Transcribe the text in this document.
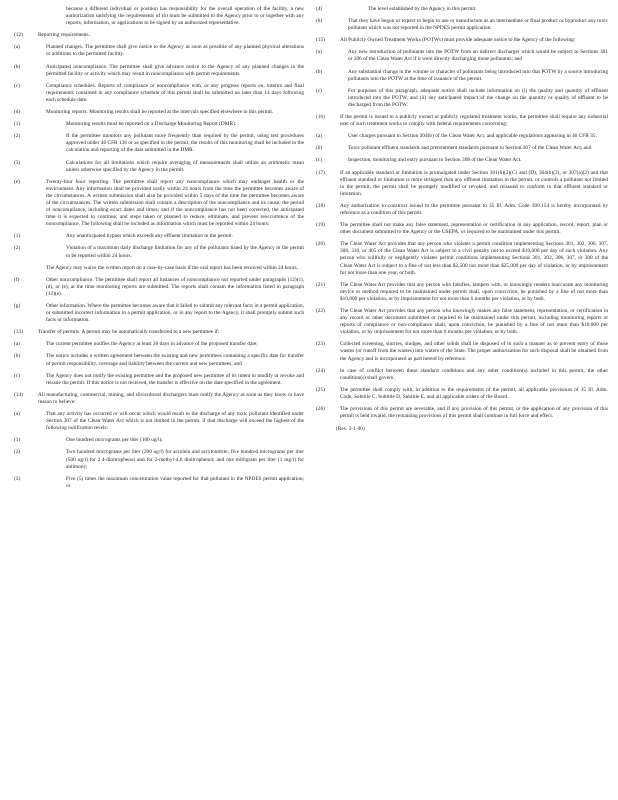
because a different individual or position has responsibility for the overall operation of the facility, a new authorization satisfying the requirements of (b) must be submitted to the Agency prior to or together with any reports, information, or applications to be signed by an authorized representative.
(12)	Reporting requirements.
(a)	Planned changes. The permittee shall give notice to the Agency as soon as possible of any planned physical alterations or additions to the permitted facility.
(b)	Anticipated noncompliance. The permittee shall give advance notice to the Agency of any planned changes in the permitted facility or activity which may result in noncompliance with permit requirements.
(c)	Compliance schedules. Reports of compliance or noncompliance with, or any progress reports on, interim and final requirements contained in any compliance schedule of this permit shall be submitted no later than 14 days following each schedule date.
(d)	Monitoring reports. Monitoring results shall be reported at the intervals specified elsewhere in this permit.
(1)	Monitoring results must be reported on a Discharge Monitoring Report (DMR).
(2)	If the permittee monitors any pollutant more frequently than required by the permit, using test procedures approved under 40 CFR 136 or as specified in the permit, the results of this monitoring shall be included in the calculation and reporting of the data submitted in the DMR.
(3)	Calculations for all limitations which require averaging of measurements shall utilize an arithmetic mean unless otherwise specified by the Agency in the permit.
(e)	Twenty-four hour reporting. The permittee shall report any noncompliance which may endanger health or the environment. Any information shall be provided orally within 24 hours from the time the permittee becomes aware of the circumstances. A written submission shall also be provided within 5 days of the time the permittee becomes aware of the circumstances. The written submission shall contain a description of the noncompliance and its cause; the period of noncompliance, including exact dates and times; and if the noncompliance has not been corrected, the anticipated time it is expected to continue; and steps taken or planned to reduce, eliminate, and prevent reoccurrence of the noncompliance. The following shall be included as information which must be reported within 24 hours:
(1)	Any unanticipated bypass which exceeds any effluent limitation in the permit.
(2)	Violation of a maximum daily discharge limitation for any of the pollutants listed by the Agency in the permit to be reported within 24 hours.
The Agency may waive the written report on a case-by-case basis if the oral report has been received within 24 hours.
(f)	Other noncompliance. The permittee shall report all instances of noncompliance not reported under paragraphs (12)(c), (d), or (e), at the time monitoring reports are submitted. The reports shall contain the information listed in paragraph (12)(e).
(g)	Other information. Where the permittee becomes aware that it failed to submit any relevant facts in a permit application, or submitted incorrect information in a permit application, or in any report to the Agency, it shall promptly submit such facts or information.
(13)	Transfer of permits. A permit may be automatically transferred to a new permittee if:
(a)	The current permittee notifies the Agency at least 30 days in advance of the proposed transfer date;
(b)	The notice includes a written agreement between the existing and new permittees containing a specific date for transfer of permit responsibility, coverage and liability between the current and new permittees; and
(c)	The Agency does not notify the existing permittee and the proposed new permittee of its intent to modify or revoke and reissue the permit. If this notice is not received, the transfer is effective on the date specified in the agreement.
(14)	All manufacturing, commercial, mining, and silvicultural dischargers must notify the Agency as soon as they know or have reason to believe:
(a)	That any activity has occurred or will occur which would result in the discharge of any toxic pollutant identified under Section 307 of the Clean Water Act which is not limited in the permit, if that discharge will exceed the highest of the following notification levels:
(1)	One hundred micrograms per liter (100 ug/l);
(2)	Two hundred micrograms per liter (200 ug/l) for acrolein and acrylonitrile; five hundred micrograms per liter (500 ug/l) for 2,4-dinitrophenol and for 2-methyl-4,6 dinitrophenol; and one milligram per liter (1 mg/l) for antimony;
(3)	Five (5) times the maximum concentration value reported for that pollutant in the NPDES permit application; or
(4)	The level established by the Agency in this permit.
(b)	That they have begun or expect to begin to use or manufacture as an intermediate or final product or byproduct any toxic pollutant which was not reported in the NPDES permit application.
(15)	All Publicly Owned Treatment Works (POTWs) must provide adequate notice to the Agency of the following:
(a)	Any new introduction of pollutants into the POTW from an indirect discharger which would be subject to Sections 301 or 306 of the Clean Water Act if it were directly discharging those pollutants; and
(b)	Any substantial change in the volume or character of pollutants being introduced into that POTW by a source introducing pollutants into the POTW at the time of issuance of the permit.
(c)	For purposes of this paragraph, adequate notice shall include information on (i) the quality and quantity of effluent introduced into the POTW, and (ii) any anticipated impact of the change on the quantity or quality of effluent to be discharged from the POTW.
(16)	If the permit is issued to a publicly owned or publicly regulated treatment works, the permittee shall require any industrial user of such treatment works to comply with federal requirements concerning:
(a)	User charges pursuant to Section 204(b) of the Clean Water Act, and applicable regulations appearing in 40 CFR 35;
(b)	Toxic pollutant effluent standards and pretreatment standards pursuant to Section 307 of the Clean Water Act; and
(c)	Inspection, monitoring and entry pursuant to Section 308 of the Clean Water Act.
(17)	If an applicable standard or limitation is promulgated under Section 301(b)(2)(C) and (D), 304(b)(2), or 307(a)(2) and that effluent standard or limitation is more stringent than any effluent limitation in the permit, or controls a pollutant not limited in the permit, the permit shall be promptly modified or revoked, and reissued to conform to that effluent standard or limitation.
(18)	Any authorization to construct issued to the permittee pursuant to 35 Ill. Adm. Code 309.154 is hereby incorporated by reference as a condition of this permit.
(19)	The permittee shall not make any false statement, representation or certification in any application, record, report, plan or other document submitted to the Agency or the USEPA, or required to be maintained under this permit.
(20)	The Clean Water Act provides that any person who violates a permit condition implementing Sections 301, 302, 306, 307, 308, 318, or 405 of the Clean Water Act is subject to a civil penalty not to exceed $10,000 per day of such violation. Any person who willfully or negligently violates permit conditions implementing Sections 301, 302, 306, 307, or 308 of the Clean Water Act is subject to a fine of not less than $2,500 nor more than $25,000 per day of violation, or by imprisonment for not more than one year, or both.
(21)	The Clean Water Act provides that any person who falsifies, tampers with, or knowingly renders inaccurate any monitoring device or method required to be maintained under permit shall, upon conviction, be punished by a fine of not more than $10,000 per violation, or by imprisonment for not more than 6 months per violation, or by both.
(22)	The Clean Water Act provides that any person who knowingly makes any false statement, representation, or certification in any record or other document submitted or required to be maintained under this permit, including monitoring reports or reports of compliance or non-compliance shall, upon conviction, be punished by a fine of not more than $10,000 per violation, or by imprisonment for not more than 6 months per violation, or by both.
(23)	Collected screening, slurries, sludges, and other solids shall be disposed of in such a manner as to prevent entry of those wastes (or runoff from the wastes) into waters of the State. The proper authorization for such disposal shall be obtained from the Agency and is incorporated as part hereof by reference.
(24)	In case of conflict between these standard conditions and any other condition(s) included in this permit, the other condition(s) shall govern.
(25)	The permittee shall comply with, in addition to the requirements of the permit, all applicable provisions of 35 Ill. Adm. Code, Subtitle C, Subtitle D, Subtitle E, and all applicable orders of the Board.
(26)	The provisions of this permit are severable, and if any provision of this permit, or the application of any provision of this permit is held invalid, the remaining provisions of this permit shall continue in full force and effect.
(Rev. 3-1-90)
